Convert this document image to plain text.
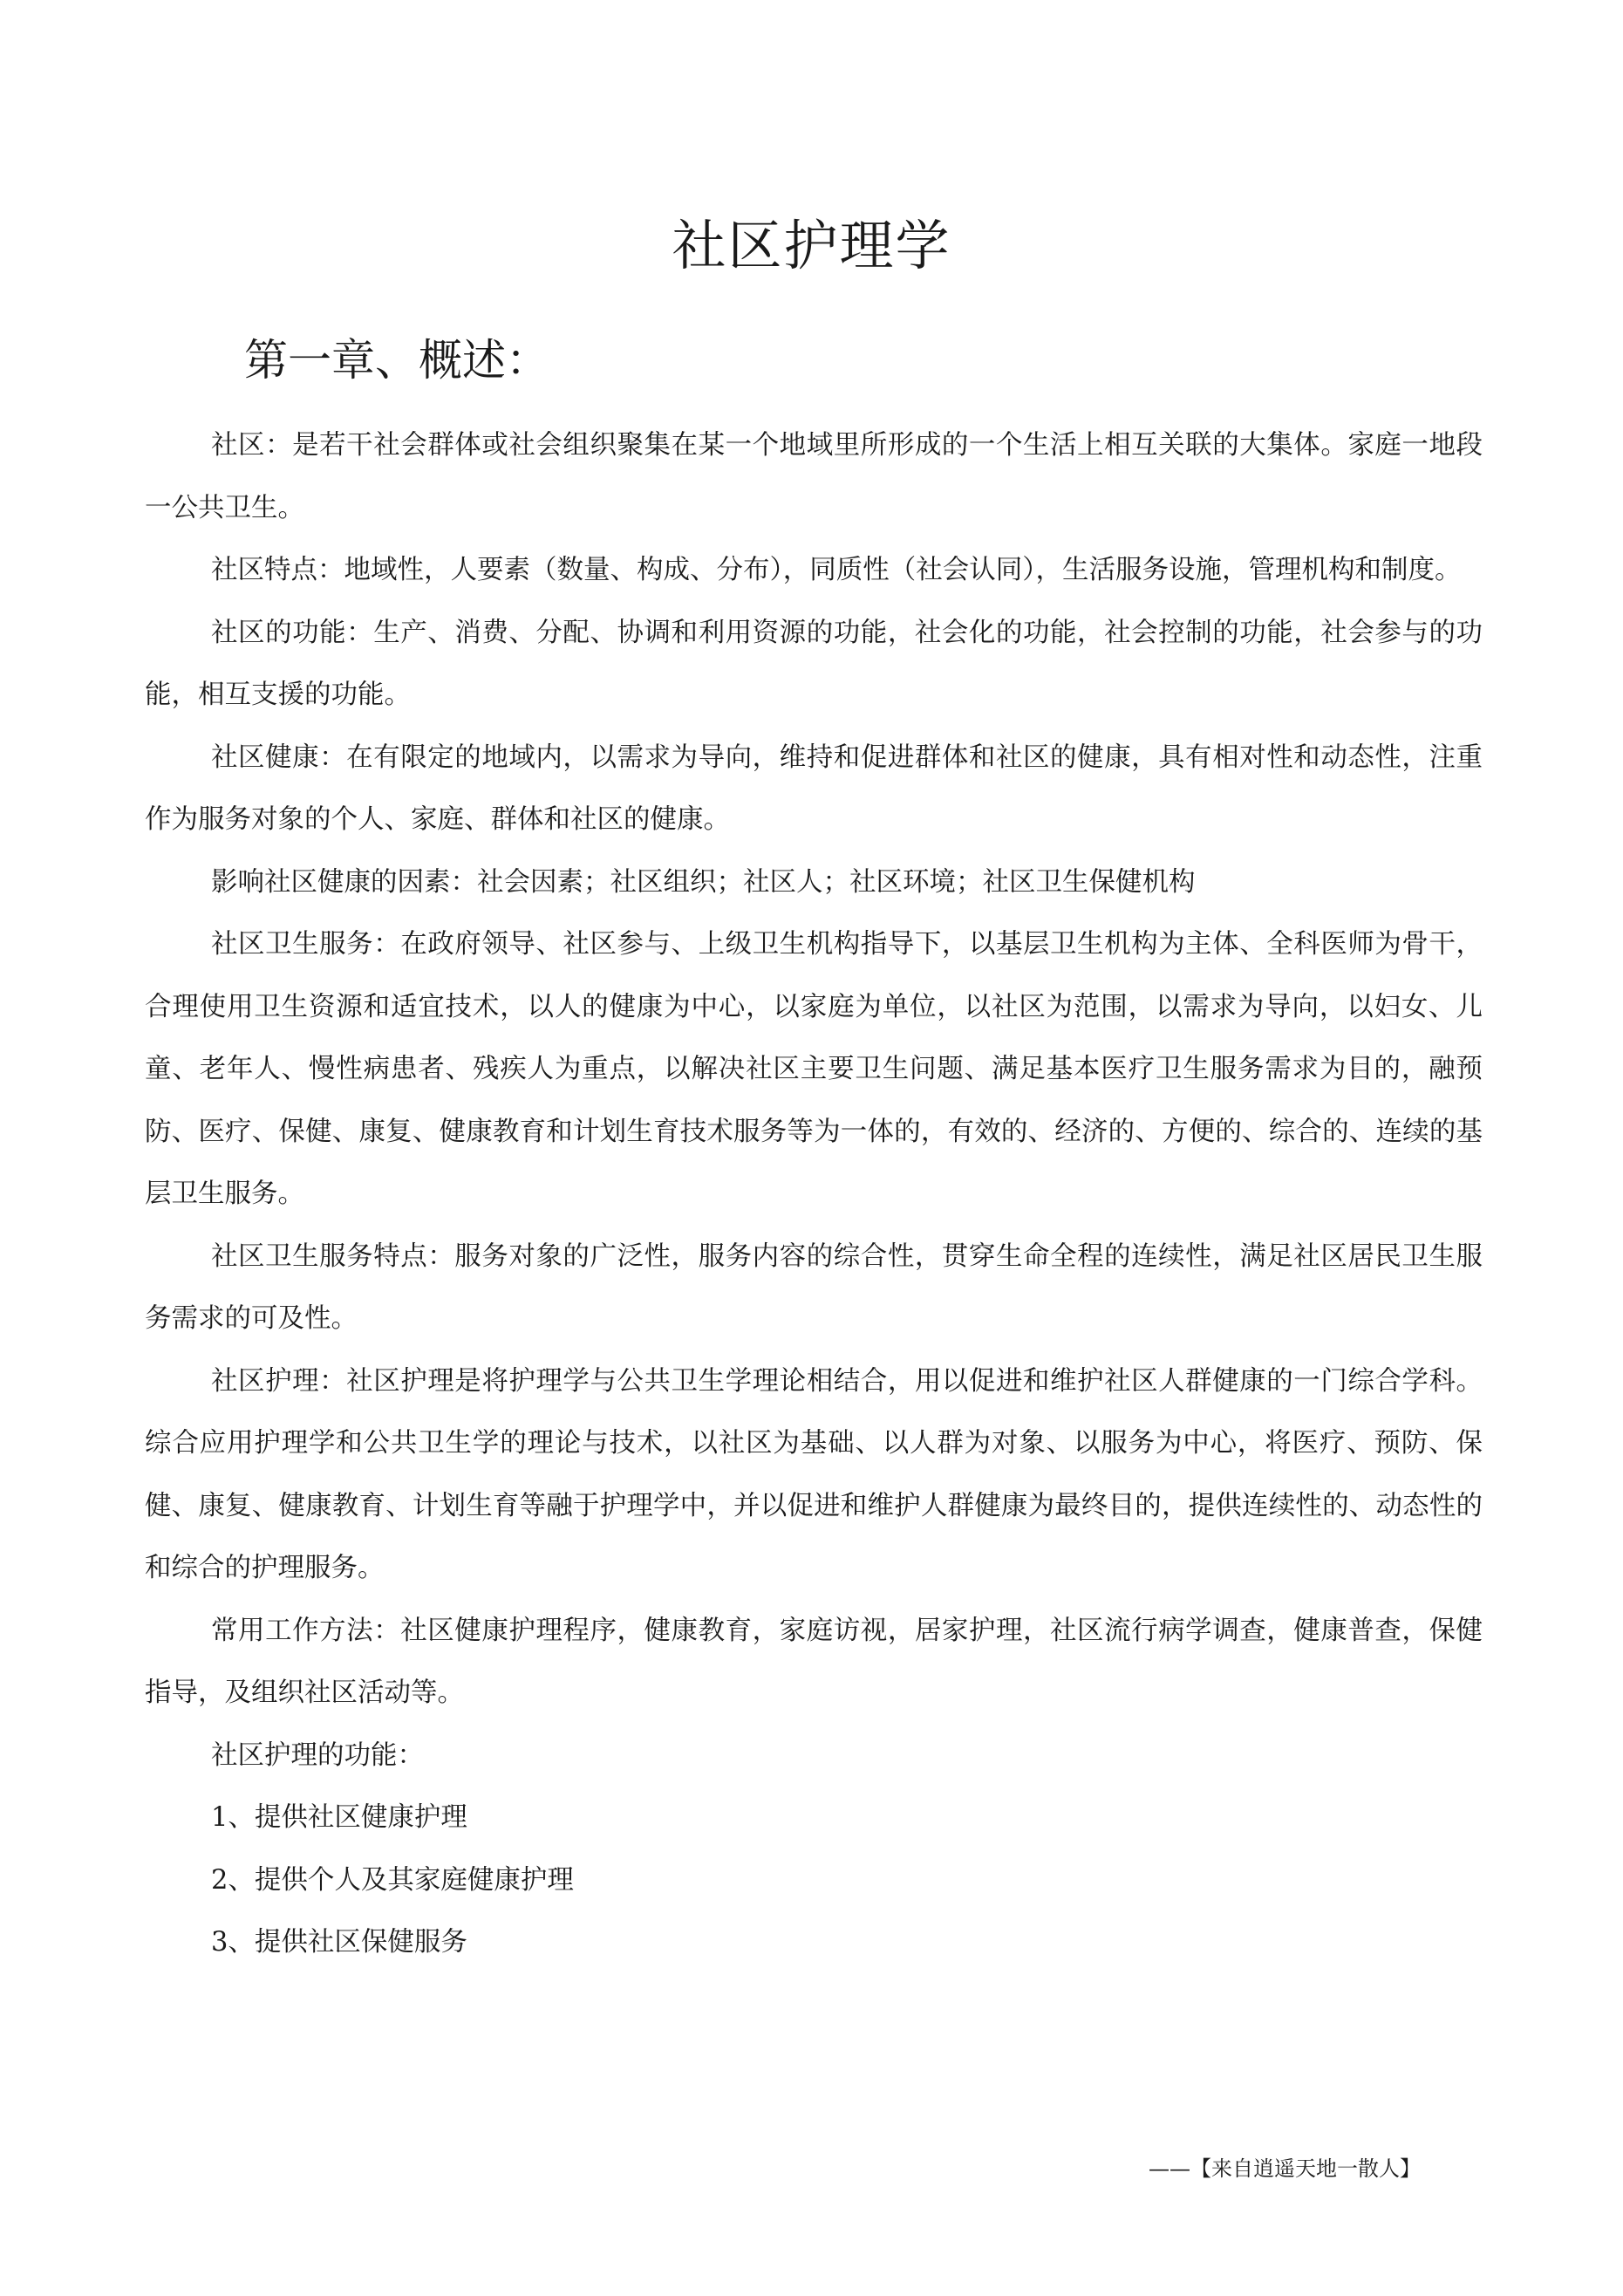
社区护理学
第一章、概述：

社区：是若干社会群体或社会组织聚集在某一个地域里所形成的一个生活上相互关联的大集体。家庭一地段一公共卫生。

社区特点：地域性，人要素（数量、构成、分布），同质性（社会认同），生活服务设施，管理机构和制度。

社区的功能：生产、消费、分配、协调和利用资源的功能，社会化的功能，社会控制的功能，社会参与的功能，相互支援的功能。

社区健康：在有限定的地域内，以需求为导向，维持和促进群体和社区的健康，具有相对性和动态性，注重作为服务对象的个人、家庭、群体和社区的健康。

影响社区健康的因素：社会因素；社区组织；社区人；社区环境；社区卫生保健机构

社区卫生服务：在政府领导、社区参与、上级卫生机构指导下，以基层卫生机构为主体、全科医师为骨干，合理使用卫生资源和适宜技术，以人的健康为中心，以家庭为单位，以社区为范围，以需求为导向，以妇女、儿童、老年人、慢性病患者、残疾人为重点，以解决社区主要卫生问题、满足基本医疗卫生服务需求为目的，融预防、医疗、保健、康复、健康教育和计划生育技术服务等为一体的，有效的、经济的、方便的、综合的、连续的基层卫生服务。

社区卫生服务特点：服务对象的广泛性，服务内容的综合性，贯穿生命全程的连续性，满足社区居民卫生服务需求的可及性。

社区护理：社区护理是将护理学与公共卫生学理论相结合，用以促进和维护社区人群健康的一门综合学科。综合应用护理学和公共卫生学的理论与技术，以社区为基础、以人群为对象、以服务为中心，将医疗、预防、保健、康复、健康教育、计划生育等融于护理学中，并以促进和维护人群健康为最终目的，提供连续性的、动态性的和综合的护理服务。

常用工作方法：社区健康护理程序，健康教育，家庭访视，居家护理，社区流行病学调查，健康普查，保健指导，及组织社区活动等。

社区护理的功能：

1、提供社区健康护理

2、提供个人及其家庭健康护理

3、提供社区保健服务

——【来自逍遥天地一散人】
